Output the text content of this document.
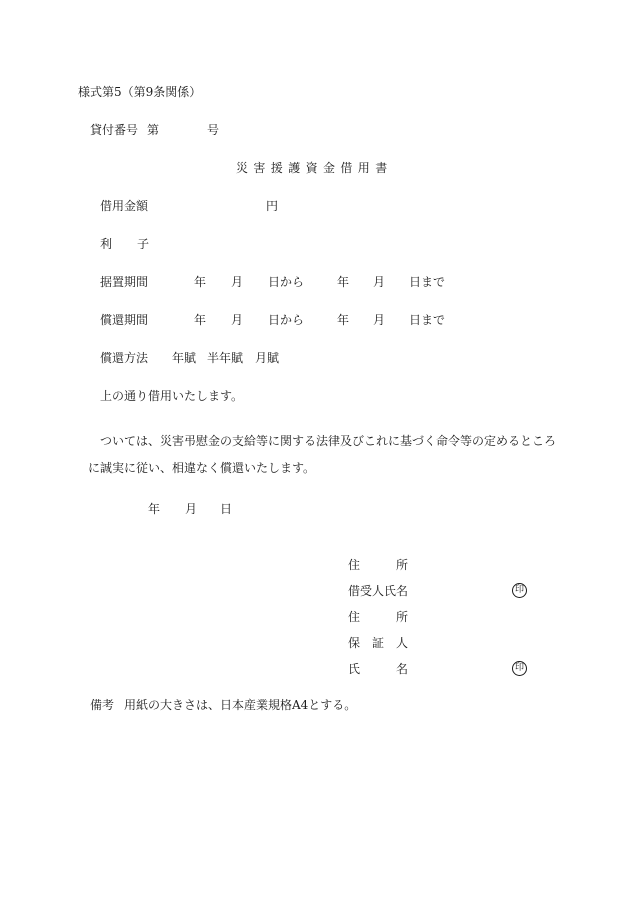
様式第5（第9条関係）
貸付番号 第	号
災害援護資金借用書
借用金額	円
利 子
据置期間	年 月 日から	年 月 日まで
償還期間	年 月 日から	年 月 日まで
償還方法 年賦 半年賦 月賦
上の通り借用いたします。
ついては、災害弔慰金の支給等に関する法律及びこれに基づく命令等の定めるところ
に誠実に従い、相違なく償還いたします。
年 月 日
住	所
借受人氏名	印
住	所
保 証 人
氏	名	印
備考 用紙の大きさは、日本産業規格A4とする。
